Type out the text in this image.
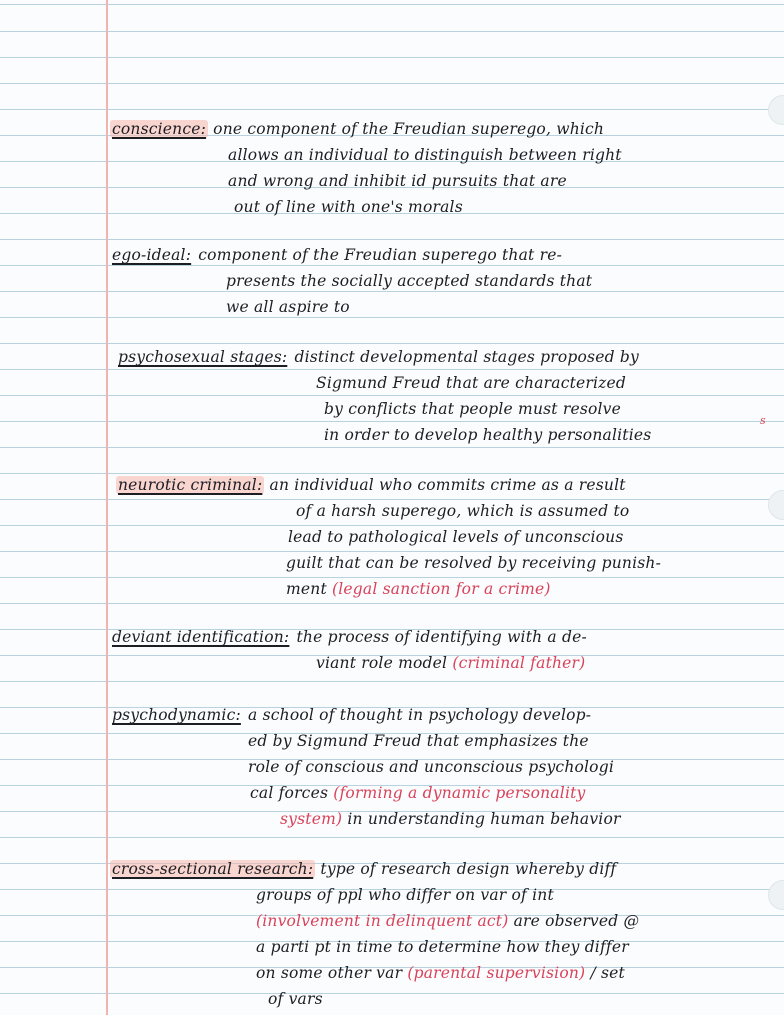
conscience: one component of the Freudian superego, which
allows an individual to distinguish between right
and wrong and inhibit id pursuits that are
out of line with one's morals
ego-ideal: component of the Freudian superego that re-
presents the socially accepted standards that
we all aspire to
psychosexual stages: distinct developmental stages proposed by
Sigmund Freud that are characterized
by conflicts that people must resolve
in order to develop healthy personalities
s
neurotic criminal: an individual who commits crime as a result
of a harsh superego, which is assumed to
lead to pathological levels of unconscious
guilt that can be resolved by receiving punish-
ment (legal sanction for a crime)
deviant identification: the process of identifying with a de-
viant role model (criminal father)
psychodynamic: a school of thought in psychology develop-
ed by Sigmund Freud that emphasizes the
role of conscious and unconscious psychologi
cal forces (forming a dynamic personality
system) in understanding human behavior
cross-sectional research: type of research design whereby diff
groups of ppl who differ on var of int
(involvement in delinquent act) are observed @
a parti pt in time to determine how they differ
on some other var (parental supervision) / set
of vars
